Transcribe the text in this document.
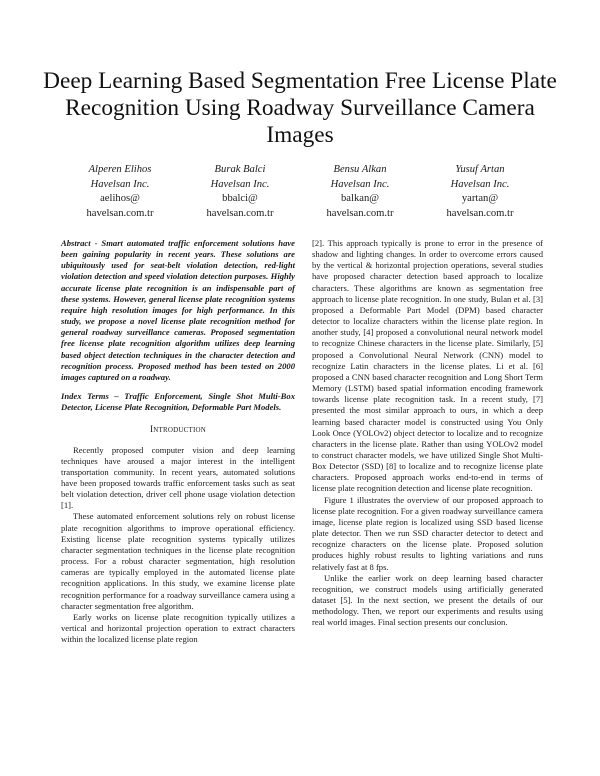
Deep Learning Based Segmentation Free License Plate Recognition Using Roadway Surveillance Camera Images
Alperen Elihos
Havelsan Inc.
aelihos@
havelsan.com.tr
Burak Balci
Havelsan Inc.
bbalci@
havelsan.com.tr
Bensu Alkan
Havelsan Inc.
balkan@
havelsan.com.tr
Yusuf Artan
Havelsan Inc.
yartan@
havelsan.com.tr

Abstract - Smart automated traffic enforcement solutions have been gaining popularity in recent years. These solutions are ubiquitously used for seat-belt violation detection, red-light violation detection and speed violation detection purposes. Highly accurate license plate recognition is an indispensable part of these systems. However, general license plate recognition systems require high resolution images for high performance. In this study, we propose a novel license plate recognition method for general roadway surveillance cameras. Proposed segmentation free license plate recognition algorithm utilizes deep learning based object detection techniques in the character detection and recognition process. Proposed method has been tested on 2000 images captured on a roadway.

Index Terms – Traffic Enforcement, Single Shot Multi-Box Detector, License Plate Recognition, Deformable Part Models.

Introduction

Recently proposed computer vision and deep learning techniques have aroused a major interest in the intelligent transportation community. In recent years, automated solutions have been proposed towards traffic enforcement tasks such as seat belt violation detection, driver cell phone usage violation detection [1].

These automated enforcement solutions rely on robust license plate recognition algorithms to improve operational efficiency. Existing license plate recognition systems typically utilizes character segmentation techniques in the license plate recognition process. For a robust character segmentation, high resolution cameras are typically employed in the automated license plate recognition applications. In this study, we examine license plate recognition performance for a roadway surveillance camera using a character segmentation free algorithm.

Early works on license plate recognition typically utilizes a vertical and horizontal projection operation to extract characters within the localized license plate region

[2]. This approach typically is prone to error in the presence of shadow and lighting changes. In order to overcome errors caused by the vertical & horizontal projection operations, several studies have proposed character detection based approach to localize characters. These algorithms are known as segmentation free approach to license plate recognition. In one study, Bulan et al. [3] proposed a Deformable Part Model (DPM) based character detector to localize characters within the license plate region. In another study, [4] proposed a convolutional neural network model to recognize Chinese characters in the license plate. Similarly, [5] proposed a Convolutional Neural Network (CNN) model to recognize Latin characters in the license plates. Li et al. [6] proposed a CNN based character recognition and Long Short Term Memory (LSTM) based spatial information encoding framework towards license plate recognition task. In a recent study, [7] presented the most similar approach to ours, in which a deep learning based character model is constructed using You Only Look Once (YOLOv2) object detector to localize and to recognize characters in the license plate. Rather than using YOLOv2 model to construct character models, we have utilized Single Shot Multi-Box Detector (SSD) [8] to localize and to recognize license plate characters. Proposed approach works end-to-end in terms of license plate recognition detection and license plate recognition.

Figure 1 illustrates the overview of our proposed approach to license plate recognition. For a given roadway surveillance camera image, license plate region is localized using SSD based license plate detector. Then we run SSD character detector to detect and recognize characters on the license plate. Proposed solution produces highly robust results to lighting variations and runs relatively fast at 8 fps.

Unlike the earlier work on deep learning based character recognition, we construct models using artificially generated dataset [5]. In the next section, we present the details of our methodology. Then, we report our experiments and results using real world images. Final section presents our conclusion.
